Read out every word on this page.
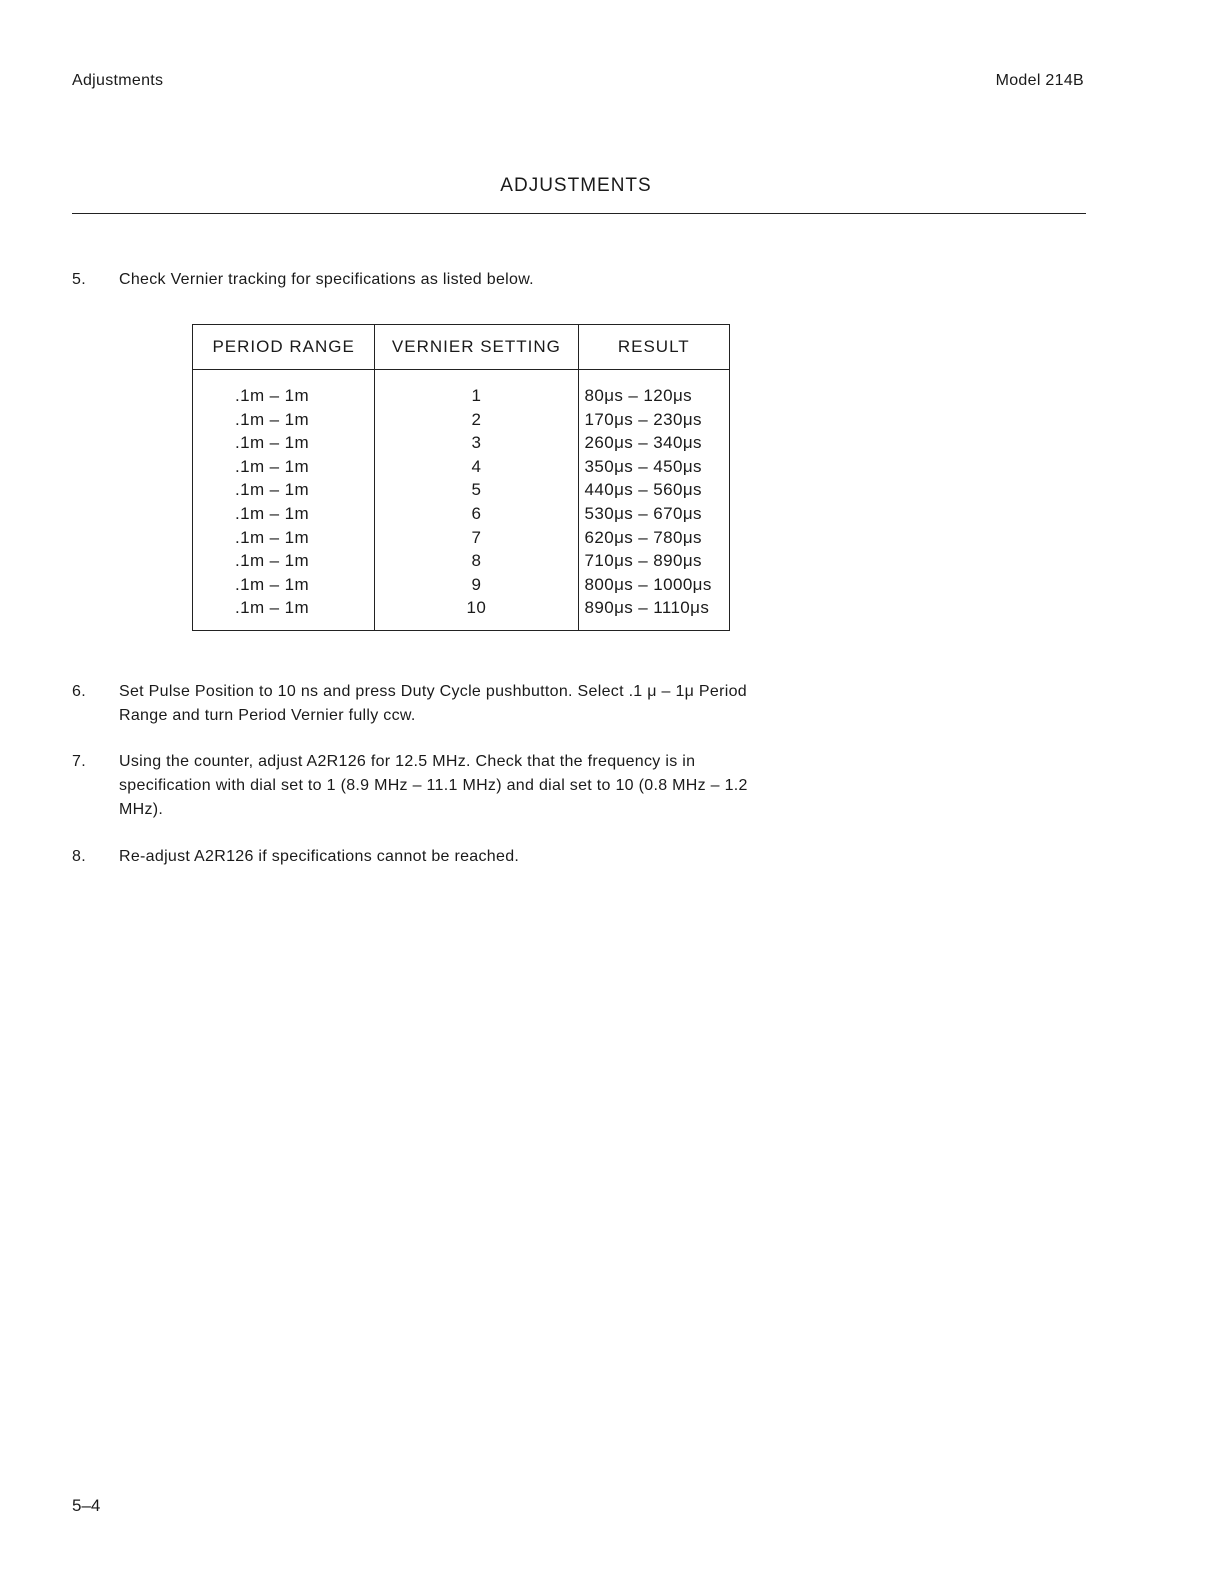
Adjustments	Model 214B
ADJUSTMENTS
5. Check Vernier tracking for specifications as listed below.
PERIOD RANGE	VERNIER SETTING	RESULT
.1m – 1m	1	80μs – 120μs
.1m – 1m	2	170μs – 230μs
.1m – 1m	3	260μs – 340μs
.1m – 1m	4	350μs – 450μs
.1m – 1m	5	440μs – 560μs
.1m – 1m	6	530μs – 670μs
.1m – 1m	7	620μs – 780μs
.1m – 1m	8	710μs – 890μs
.1m – 1m	9	800μs – 1000μs
.1m – 1m	10	890μs – 1110μs
6. Set Pulse Position to 10 ns and press Duty Cycle pushbutton. Select .1 μ – 1μ Period Range and turn Period Vernier fully ccw.
7. Using the counter, adjust A2R126 for 12.5 MHz. Check that the frequency is in specification with dial set to 1 (8.9 MHz – 11.1 MHz) and dial set to 10 (0.8 MHz – 1.2 MHz).
8. Re-adjust A2R126 if specifications cannot be reached.
5–4
